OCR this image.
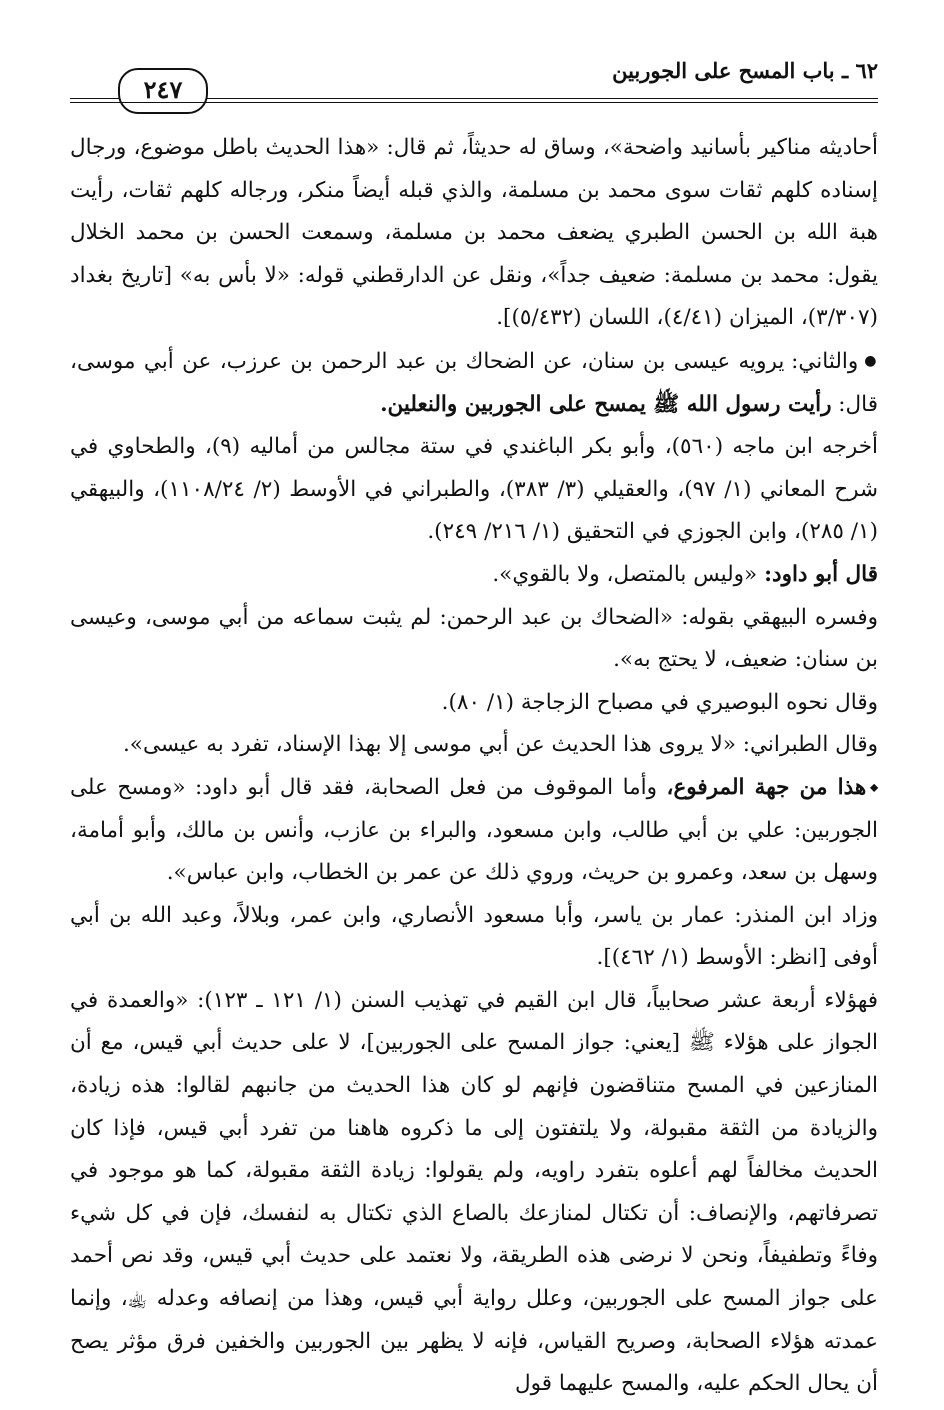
٦٢ ـ باب المسح على الجوربين
٢٤٧

أحاديثه مناكير بأسانيد واضحة»، وساق له حديثاً، ثم قال: «هذا الحديث باطل موضوع، ورجال إسناده كلهم ثقات سوى محمد بن مسلمة، والذي قبله أيضاً منكر، ورجاله كلهم ثقات، رأيت هبة الله بن الحسن الطبري يضعف محمد بن مسلمة، وسمعت الحسن بن محمد الخلال يقول: محمد بن مسلمة: ضعيف جداً»، ونقل عن الدارقطني قوله: «لا بأس به» [تاريخ بغداد (٣/٣٠٧)، الميزان (٤/٤١)، اللسان (٥/٤٣٢)].

● والثاني: يرويه عيسى بن سنان، عن الضحاك بن عبد الرحمن بن عرزب، عن أبي موسى، قال: رأيت رسول الله ﷺ يمسح على الجوربين والنعلين.

أخرجه ابن ماجه (٥٦٠)، وأبو بكر الباغندي في ستة مجالس من أماليه (٩)، والطحاوي في شرح المعاني (١/ ٩٧)، والعقيلي (٣/ ٣٨٣)، والطبراني في الأوسط (٢/ ١١٠٨/٢٤)، والبيهقي (١/ ٢٨٥)، وابن الجوزي في التحقيق (١/ ٢١٦/ ٢٤٩).

قال أبو داود: «وليس بالمتصل، ولا بالقوي».

وفسره البيهقي بقوله: «الضحاك بن عبد الرحمن: لم يثبت سماعه من أبي موسى، وعيسى بن سنان: ضعيف، لا يحتج به».

وقال نحوه البوصيري في مصباح الزجاجة (١/ ٨٠).

وقال الطبراني: «لا يروى هذا الحديث عن أبي موسى إلا بهذا الإسناد، تفرد به عيسى».

⬩هذا من جهة المرفوع، وأما الموقوف من فعل الصحابة، فقد قال أبو داود: «ومسح على الجوربين: علي بن أبي طالب، وابن مسعود، والبراء بن عازب، وأنس بن مالك، وأبو أمامة، وسهل بن سعد، وعمرو بن حريث، وروي ذلك عن عمر بن الخطاب، وابن عباس».

وزاد ابن المنذر: عمار بن ياسر، وأبا مسعود الأنصاري، وابن عمر، وبلالاً، وعبد الله بن أبي أوفى [انظر: الأوسط (١/ ٤٦٢)].

فهؤلاء أربعة عشر صحابياً، قال ابن القيم في تهذيب السنن (١/ ١٢١ ـ ١٢٣): «والعمدة في الجواز على هؤلاء ﷺ [يعني: جواز المسح على الجوربين]، لا على حديث أبي قيس، مع أن المنازعين في المسح متناقضون فإنهم لو كان هذا الحديث من جانبهم لقالوا: هذه زيادة، والزيادة من الثقة مقبولة، ولا يلتفتون إلى ما ذكروه هاهنا من تفرد أبي قيس، فإذا كان الحديث مخالفاً لهم أعلوه بتفرد راويه، ولم يقولوا: زيادة الثقة مقبولة، كما هو موجود في تصرفاتهم، والإنصاف: أن تكتال لمنازعك بالصاع الذي تكتال به لنفسك، فإن في كل شيء وفاءً وتطفيفاً، ونحن لا نرضى هذه الطريقة، ولا نعتمد على حديث أبي قيس، وقد نص أحمد على جواز المسح على الجوربين، وعلل رواية أبي قيس، وهذا من إنصافه وعدله ﵀، وإنما عمدته هؤلاء الصحابة، وصريح القياس، فإنه لا يظهر بين الجوربين والخفين فرق مؤثر يصح أن يحال الحكم عليه، والمسح عليهما قول
